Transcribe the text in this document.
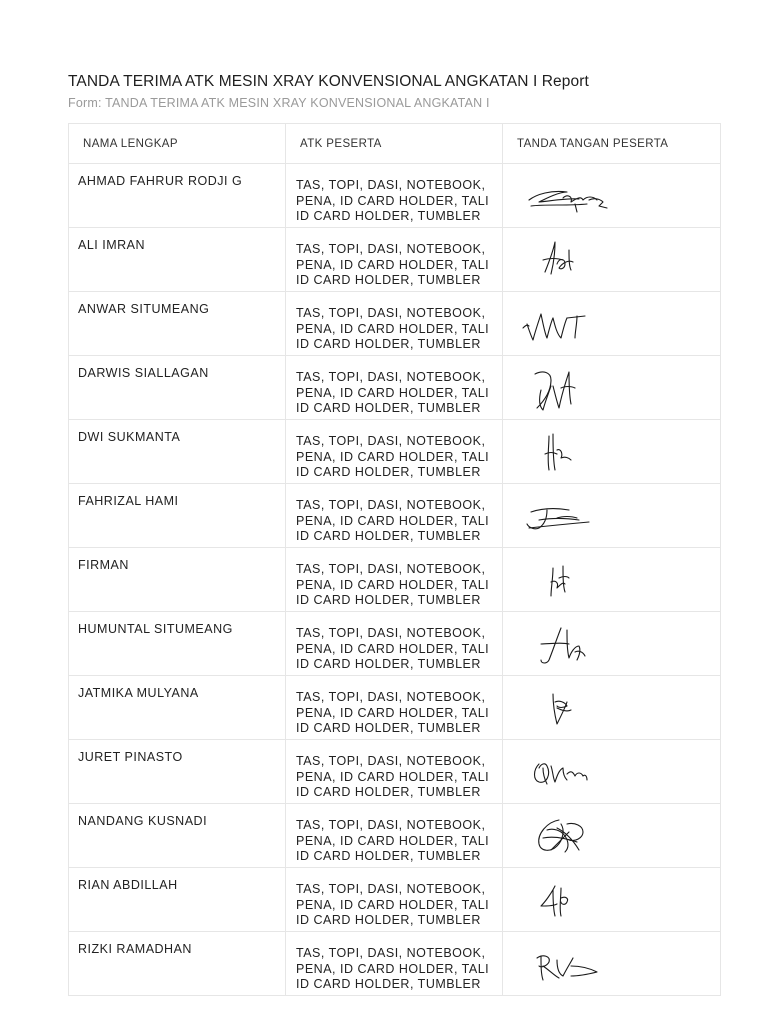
TANDA TERIMA ATK MESIN XRAY KONVENSIONAL ANGKATAN I Report
Form: TANDA TERIMA ATK MESIN XRAY KONVENSIONAL ANGKATAN I
NAMA LENGKAP	ATK PESERTA	TANDA TANGAN PESERTA

AHMAD FAHRUR RODJI G	TAS, TOPI, DASI, NOTEBOOK, PENA, ID CARD HOLDER, TALI ID CARD HOLDER, TUMBLER

ALI IMRAN	TAS, TOPI, DASI, NOTEBOOK, PENA, ID CARD HOLDER, TALI ID CARD HOLDER, TUMBLER

ANWAR SITUMEANG	TAS, TOPI, DASI, NOTEBOOK, PENA, ID CARD HOLDER, TALI ID CARD HOLDER, TUMBLER

DARWIS SIALLAGAN	TAS, TOPI, DASI, NOTEBOOK, PENA, ID CARD HOLDER, TALI ID CARD HOLDER, TUMBLER

DWI SUKMANTA	TAS, TOPI, DASI, NOTEBOOK, PENA, ID CARD HOLDER, TALI ID CARD HOLDER, TUMBLER

FAHRIZAL HAMI	TAS, TOPI, DASI, NOTEBOOK, PENA, ID CARD HOLDER, TALI ID CARD HOLDER, TUMBLER

FIRMAN	TAS, TOPI, DASI, NOTEBOOK, PENA, ID CARD HOLDER, TALI ID CARD HOLDER, TUMBLER

HUMUNTAL SITUMEANG	TAS, TOPI, DASI, NOTEBOOK, PENA, ID CARD HOLDER, TALI ID CARD HOLDER, TUMBLER

JATMIKA MULYANA	TAS, TOPI, DASI, NOTEBOOK, PENA, ID CARD HOLDER, TALI ID CARD HOLDER, TUMBLER

JURET PINASTO	TAS, TOPI, DASI, NOTEBOOK, PENA, ID CARD HOLDER, TALI ID CARD HOLDER, TUMBLER

NANDANG KUSNADI	TAS, TOPI, DASI, NOTEBOOK, PENA, ID CARD HOLDER, TALI ID CARD HOLDER, TUMBLER

RIAN ABDILLAH	TAS, TOPI, DASI, NOTEBOOK, PENA, ID CARD HOLDER, TALI ID CARD HOLDER, TUMBLER

RIZKI RAMADHAN	TAS, TOPI, DASI, NOTEBOOK, PENA, ID CARD HOLDER, TALI ID CARD HOLDER, TUMBLER
